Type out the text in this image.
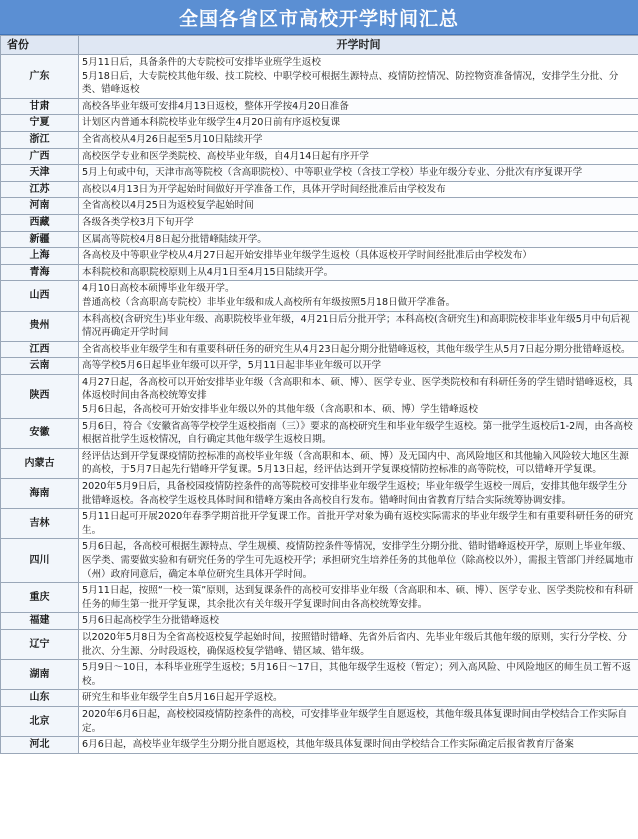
全国各省区市高校开学时间汇总
省份	开学时间
广东	5月11日后，具备条件的大专院校可安排毕业班学生返校
5月18日后，大专院校其他年级、技工院校、中职学校可根据生源特点、疫情防控情况、防控物资准备情况，安排学生分批、分类、错峰返校
甘肃	高校各毕业年级可安排4月13日返校，整体开学按4月20日准备
宁夏	计划区内普通本科院校毕业年级学生4月20日前有序返校复课
浙江	全省高校从4月26日起至5月10日陆续开学
广西	高校医学专业和医学类院校、高校毕业年级，自4月14日起有序开学
天津	5月上旬或中旬，天津市高等院校（含高职院校）、中等职业学校（含技工学校）毕业年级分专业、分批次有序复课开学
江苏	高校以4月13日为开学起始时间做好开学准备工作，具体开学时间经批准后由学校发布
河南	全省高校以4月25日为返校复学起始时间
西藏	各级各类学校3月下旬开学
新疆	区属高等院校4月8日起分批错峰陆续开学。
上海	各高校及中等职业学校从4月27日起开始安排毕业年级学生返校（具体返校开学时间经批准后由学校发布）
青海	本科院校和高职院校原则上从4月1日至4月15日陆续开学。
山西	4月10日高校本硕博毕业年级开学。
普通高校（含高职高专院校）非毕业年级和成人高校所有年级按照5月18日做开学准备。
贵州	本科高校(含研究生)毕业年级、高职院校毕业年级，4月21日后分批开学；本科高校(含研究生)和高职院校非毕业年级5月中旬后视情况再确定开学时间
江西	全省高校毕业年级学生和有重要科研任务的研究生从4月23日起分期分批错峰返校，其他年级学生从5月7日起分期分批错峰返校。
云南	高等学校5月6日起毕业年级可以开学，5月11日起非毕业年级可以开学
陕西	4月27日起，各高校可以开始安排毕业年级（含高职和本、硕、博）、医学专业、医学类院校和有科研任务的学生错时错峰返校，具体返校时间由各高校统筹安排
5月6日起，各高校可开始安排毕业年级以外的其他年级（含高职和本、硕、博）学生错峰返校
安徽	5月6日，符合《安徽省高等学校学生返校指南（三）》要求的高校研究生和毕业年级学生返校。第一批学生返校后1-2周，由各高校根据首批学生返校情况，自行确定其他年级学生返校日期。
内蒙古	经评估达到开学复课疫情防控标准的高校毕业年级（含高职和本、硕、博）及无国内中、高风险地区和其他输入风险较大地区生源的高校，于5月7日起先行错峰开学复课。5月13日起，经评估达到开学复课疫情防控标准的高等院校，可以错峰开学复课。
海南	2020年5月9日后，具备校园疫情防控条件的高等院校可安排毕业年级学生返校；毕业年级学生返校一周后，安排其他年级学生分批错峰返校。各高校学生返校具体时间和错峰方案由各高校自行发布。错峰时间由省教育厅结合实际统筹协调安排。
吉林	5月11日起可开展2020年春季学期首批开学复课工作。首批开学对象为确有返校实际需求的毕业年级学生和有重要科研任务的研究生。
四川	5月6日起，各高校可根据生源特点、学生规模、疫情防控条件等情况，安排学生分期分批、错时错峰返校开学，原则上毕业年级、医学类、需要做实验和有研究任务的学生可先返校开学；承担研究生培养任务的其他单位（除高校以外），需报主管部门并经属地市（州）政府同意后，确定本单位研究生具体开学时间。
重庆	5月11日起，按照“一校一策”原则，达到复课条件的高校可安排毕业年级（含高职和本、硕、博）、医学专业、医学类院校和有科研任务的师生第一批开学复课，其余批次有关年级开学复课时间由各高校统筹安排。
福建	5月6日起高校学生分批错峰返校
辽宁	以2020年5月8日为全省高校返校复学起始时间，按照错时错峰、先省外后省内、先毕业年级后其他年级的原则，实行分学校、分批次、分生源、分时段返校，确保返校复学错峰、错区域、错年级。
湖南	5月9日～10日，本科毕业班学生返校；5月16日～17日，其他年级学生返校（暂定）；列入高风险、中风险地区的师生员工暂不返校。
山东	研究生和毕业年级学生自5月16日起开学返校。
北京	2020年6月6日起，高校校园疫情防控条件的高校，可安排毕业年级学生自愿返校，其他年级具体复课时间由学校结合工作实际自定。
河北	6月6日起，高校毕业年级学生分期分批自愿返校，其他年级具体复课时间由学校结合工作实际确定后报省教育厅备案
